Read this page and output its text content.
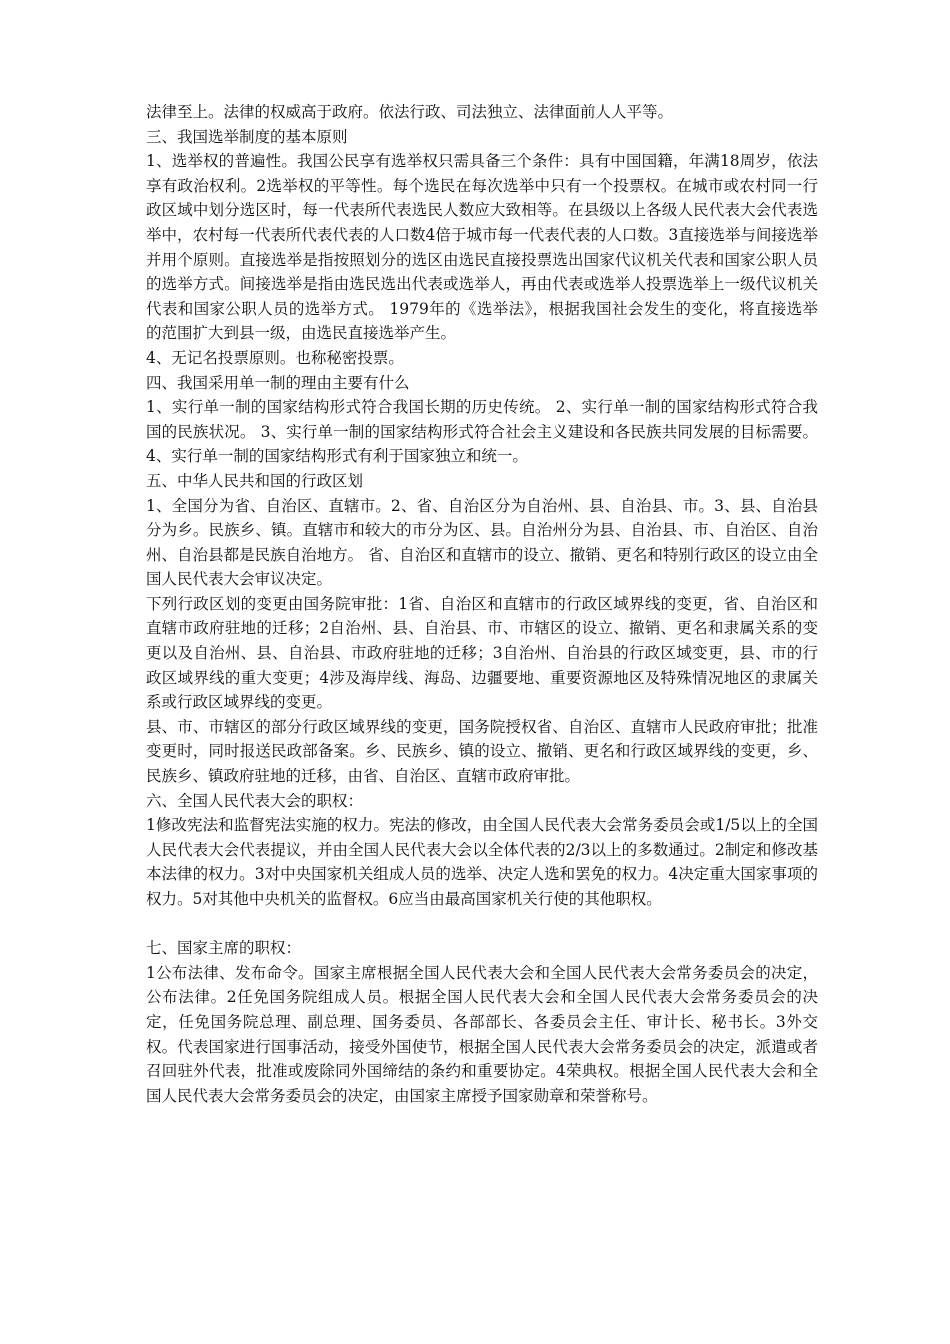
法律至上。法律的权威高于政府。依法行政、司法独立、法律面前人人平等。
三、我国选举制度的基本原则
1、选举权的普遍性。我国公民享有选举权只需具备三个条件：具有中国国籍，年满18周岁，依法享有政治权利。2选举权的平等性。每个选民在每次选举中只有一个投票权。在城市或农村同一行政区域中划分选区时，每一代表所代表选民人数应大致相等。在县级以上各级人民代表大会代表选举中，农村每一代表所代表代表的人口数4倍于城市每一代表代表的人口数。3直接选举与间接选举并用个原则。直接选举是指按照划分的选区由选民直接投票选出国家代议机关代表和国家公职人员的选举方式。间接选举是指由选民选出代表或选举人，再由代表或选举人投票选举上一级代议机关代表和国家公职人员的选举方式。 1979年的《选举法》，根据我国社会发生的变化，将直接选举的范围扩大到县一级，由选民直接选举产生。
4、无记名投票原则。也称秘密投票。
四、我国采用单一制的理由主要有什么
1、实行单一制的国家结构形式符合我国长期的历史传统。 2、实行单一制的国家结构形式符合我国的民族状况。 3、实行单一制的国家结构形式符合社会主义建设和各民族共同发展的目标需要。4、实行单一制的国家结构形式有利于国家独立和统一。
五、中华人民共和国的行政区划
1、全国分为省、自治区、直辖市。2、省、自治区分为自治州、县、自治县、市。3、县、自治县分为乡。民族乡、镇。直辖市和较大的市分为区、县。自治州分为县、自治县、市、自治区、自治州、自治县都是民族自治地方。 省、自治区和直辖市的设立、撤销、更名和特别行政区的设立由全国人民代表大会审议决定。
下列行政区划的变更由国务院审批：1省、自治区和直辖市的行政区域界线的变更，省、自治区和直辖市政府驻地的迁移；2自治州、县、自治县、市、市辖区的设立、撤销、更名和隶属关系的变更以及自治州、县、自治县、市政府驻地的迁移；3自治州、自治县的行政区域变更，县、市的行政区域界线的重大变更；4涉及海岸线、海岛、边疆要地、重要资源地区及特殊情况地区的隶属关系或行政区域界线的变更。
县、市、市辖区的部分行政区域界线的变更，国务院授权省、自治区、直辖市人民政府审批；批准变更时，同时报送民政部备案。乡、民族乡、镇的设立、撤销、更名和行政区域界线的变更，乡、民族乡、镇政府驻地的迁移，由省、自治区、直辖市政府审批。
六、全国人民代表大会的职权：
1修改宪法和监督宪法实施的权力。宪法的修改，由全国人民代表大会常务委员会或1/5以上的全国人民代表大会代表提议，并由全国人民代表大会以全体代表的2/3以上的多数通过。2制定和修改基本法律的权力。3对中央国家机关组成人员的选举、决定人选和罢免的权力。4决定重大国家事项的权力。5对其他中央机关的监督权。6应当由最高国家机关行使的其他职权。
七、国家主席的职权：
1公布法律、发布命令。国家主席根据全国人民代表大会和全国人民代表大会常务委员会的决定，公布法律。2任免国务院组成人员。根据全国人民代表大会和全国人民代表大会常务委员会的决定，任免国务院总理、副总理、国务委员、各部部长、各委员会主任、审计长、秘书长。3外交权。代表国家进行国事活动，接受外国使节，根据全国人民代表大会常务委员会的决定，派遣或者召回驻外代表，批准或废除同外国缔结的条约和重要协定。4荣典权。根据全国人民代表大会和全国人民代表大会常务委员会的决定，由国家主席授予国家勋章和荣誉称号。
